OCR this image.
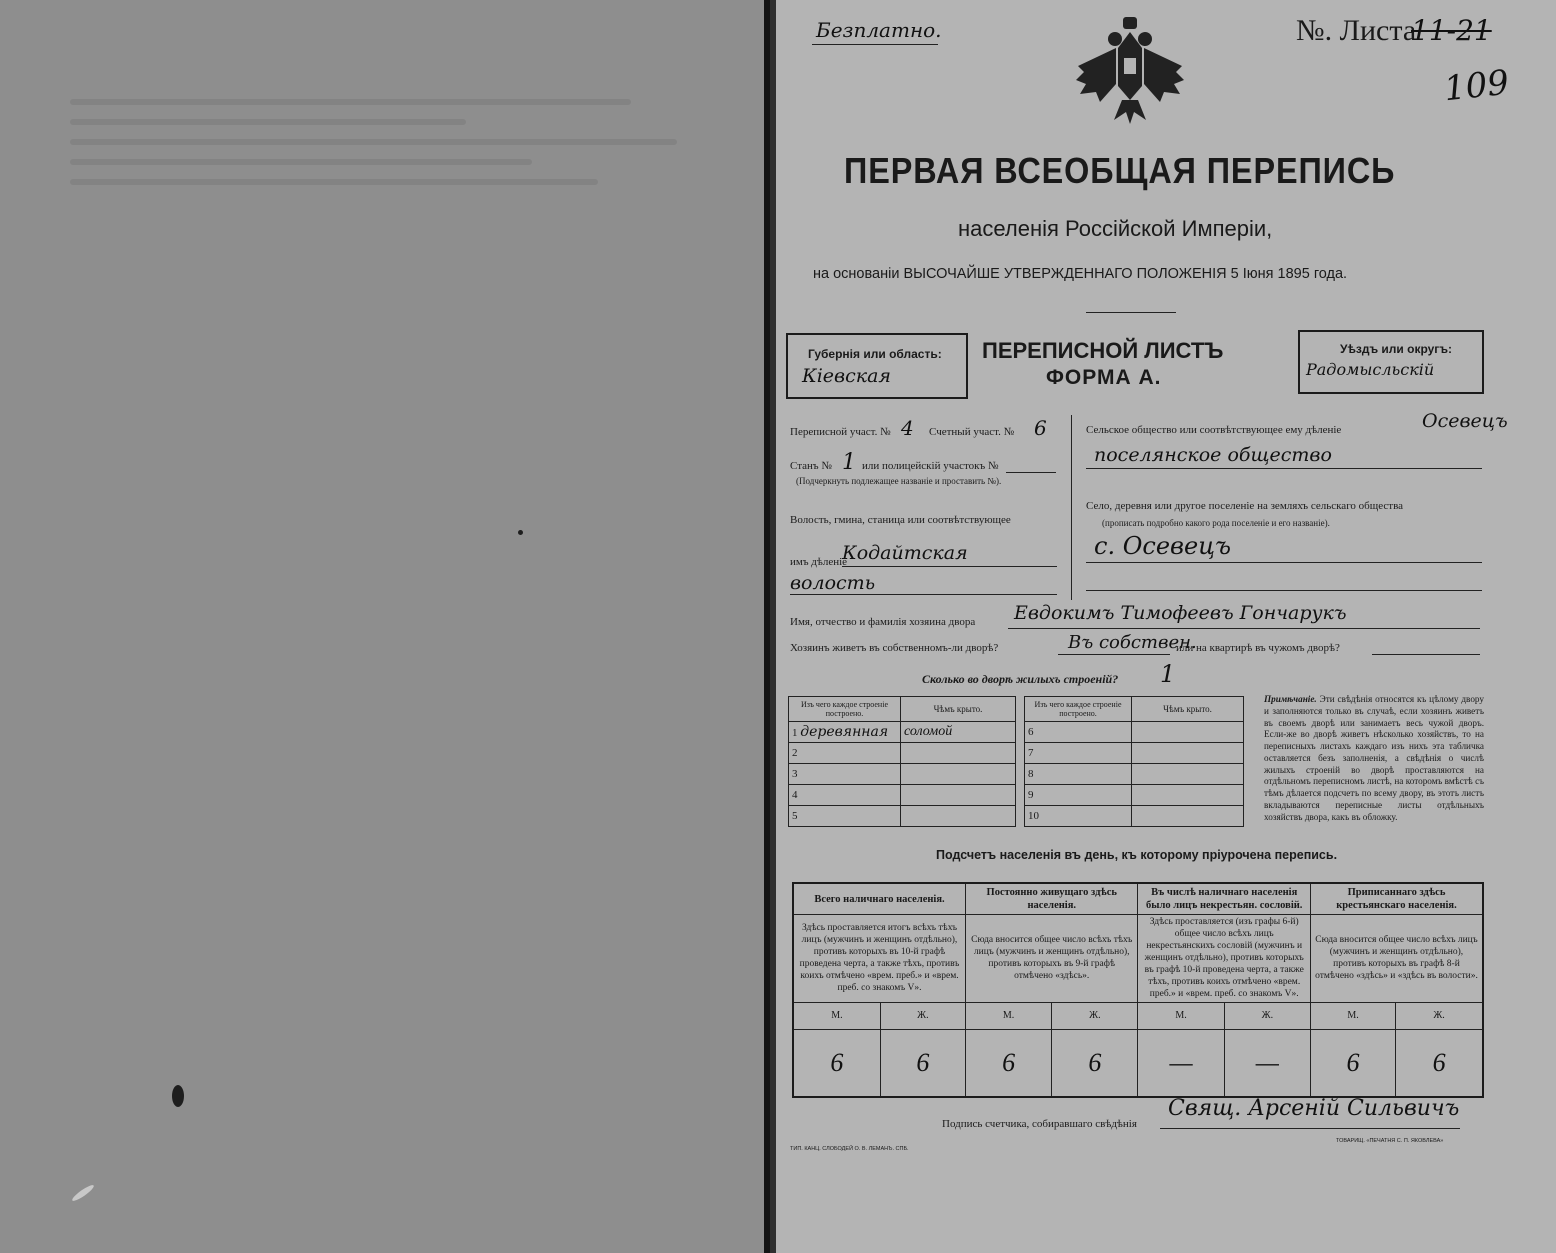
Безплатно.	№. Листа
11-21
109
ПЕРВАЯ ВСЕОБЩАЯ ПЕРЕПИСЬ
населенія Россійской Имперіи,
на основаніи ВЫСОЧАЙШЕ УТВЕРЖДЕННАГО ПОЛОЖЕНІЯ 5 Іюня 1895 года.
Губернія или область:
Кіевская
ПЕРЕПИСНОЙ ЛИСТЪ
ФОРМА А.
Уѣздъ или округъ:
Радомысльскій
Переписной участ. № 4 Счетный участ. № 6
Станъ № 1 или полицейскій участокъ №
(Подчеркнуть подлежащее названіе и проставить №).
Волость, гмина, станица или соотвѣтствующее
имъ дѣленіе
Кодайтская
волость
Сельское общество или соотвѣтствующее ему дѣленіе	Осевецъ
поселянское общество
Село, деревня или другое поселеніе на земляхъ сельскаго общества
(прописать подробно какого рода поселеніе и его названіе).
с. Осевецъ
Имя, отчество и фамилія хозяина двора Евдокимъ Тимофеевъ Гончарукъ
Хозяинъ живетъ въ собственномъ-ли дворѣ?	Въ собствен.
или на квартирѣ въ чужомъ дворѣ?
Сколько во дворѣ жилыхъ строеній? 1
Изъ чего каждое строеніе построено.	Чѣмъ крыто.
1 деревянная	соломой
2	
3	
4	
5	
Изъ чего каждое строеніе построено.	Чѣмъ крыто.
6	
7	
8	
9	
10	
Примѣчаніе. Эти свѣдѣнія относятся къ цѣлому двору и заполняются только въ случаѣ, если хозяинъ живетъ въ своемъ дворѣ или занимаетъ весь чужой дворъ. Если-же во дворѣ живетъ нѣсколько хозяйствъ, то на переписныхъ листахъ каждаго изъ нихъ эта табличка оставляется безъ заполненія, а свѣдѣнія о числѣ жилыхъ строеній во дворѣ проставляются на отдѣльномъ переписномъ листѣ, на которомъ вмѣстѣ съ тѣмъ дѣлается подсчетъ по всему двору, въ этотъ листъ вкладываются переписные листы отдѣльныхъ хозяйствъ двора, какъ въ обложку.
Подсчетъ населенія въ день, къ которому пріурочена перепись.
Всего наличнаго населенія.		Постоянно живущаго здѣсь населенія.		Въ числѣ наличнаго населенія было лицъ некрестьян. сословій.		Приписаннаго здѣсь крестьянскаго населенія.	
Здѣсь проставляется итогъ всѣхъ тѣхъ лицъ (мужчинъ и женщинъ отдѣльно), противъ которыхъ въ 10-й графѣ проведена черта, а также тѣхъ, противъ коихъ отмѣчено «врем. преб.» и «врем. преб. со знакомъ V».		Сюда вносится общее число всѣхъ тѣхъ лицъ (мужчинъ и женщинъ отдѣльно), противъ которыхъ въ 9-й графѣ отмѣчено «здѣсь».		Здѣсь проставляется (изъ графы 6-й) общее число всѣхъ лицъ некрестьянскихъ сословій (мужчинъ и женщинъ отдѣльно), противъ которыхъ въ графѣ 10-й проведена черта, а также тѣхъ, противъ коихъ отмѣчено «врем. преб.» и «врем. преб. со знакомъ V».		Сюда вносится общее число всѣхъ лицъ (мужчинъ и женщинъ отдѣльно), противъ которыхъ въ графѣ 8-й отмѣчено «здѣсь» и «здѣсь въ волости».	
М.	Ж.	М.	Ж.	М.	Ж.	М.	Ж.
6	6	6	6	—	—	6	6
Подпись счетчика, собиравшаго свѣдѣнія
Свящ. Арсеній Сильвичъ
ТИП. КАНЦ. СЛОБОДЕЙ О. В. ЛЕМАНЪ. СПБ.
ТОВАРИЩ. «ПЕЧАТНЯ С. П. ЯКОВЛЕВА»
